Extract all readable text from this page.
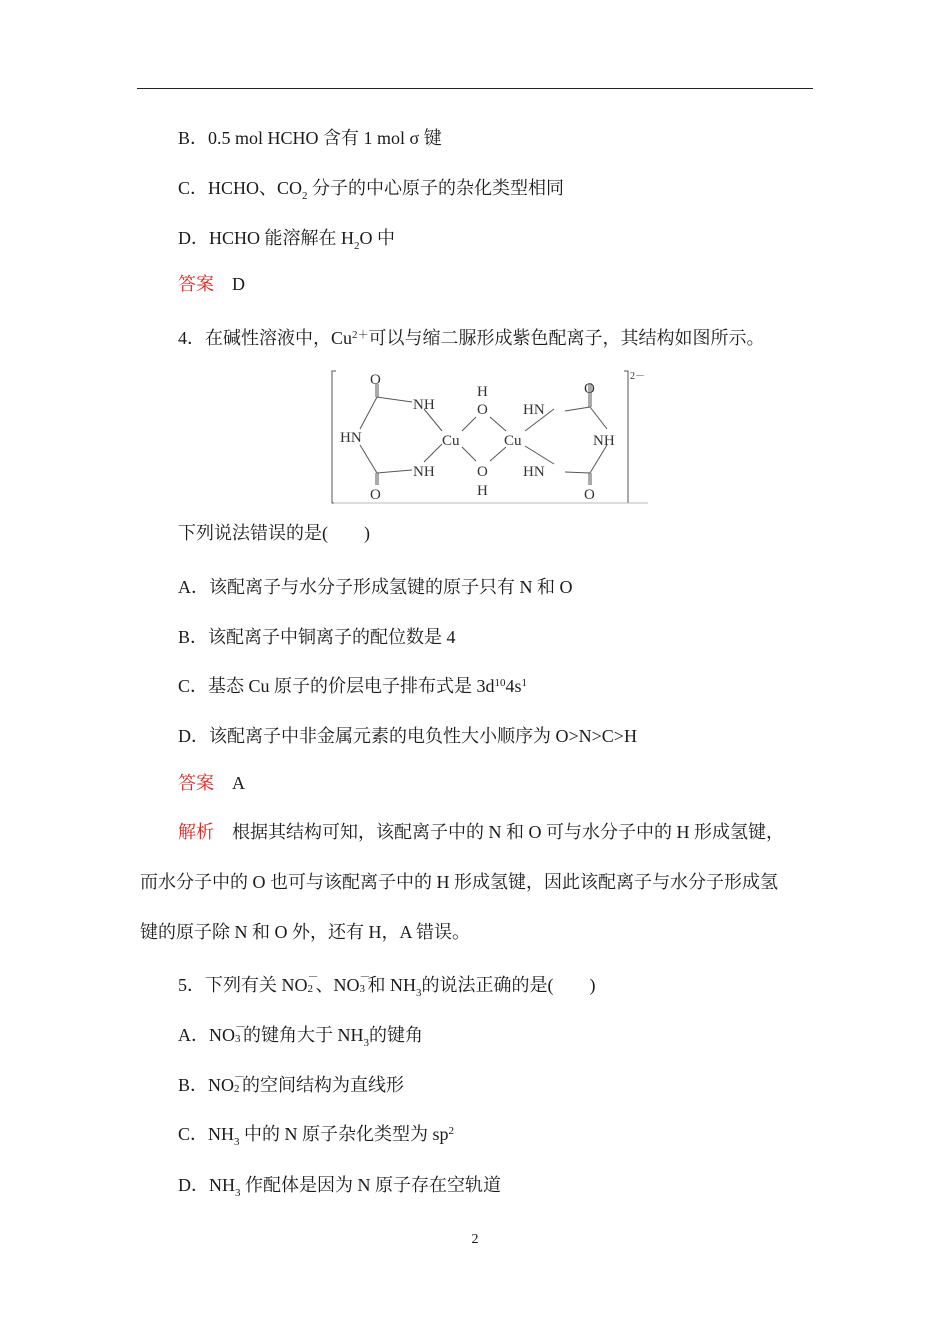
B．0.5 mol HCHO 含有 1 mol σ 键
C．HCHO、$CO_2$ 分子的中心原子的杂化类型相同
D．HCHO 能溶解在 $H_2O$ 中
答案 D
4．在碱性溶液中，$Cu^{2+}$可以与缩二脲形成紫色配离子，其结构如图所示。
2－
O
NH
HN
NH
O
H
O
Cu	Cu
O
H
O
HN
NH
HN
O
下列说法错误的是(　　)
A．该配离子与水分子形成氢键的原子只有 N 和 O
B．该配离子中铜离子的配位数是 4
C．基态 Cu 原子的价层电子排布式是 $3d^{10}4s^1$
D．该配离子中非金属元素的电负性大小顺序为 O>N>C>H
答案 A
解析 根据其结构可知，该配离子中的 N 和 O 可与水分子中的 H 形成氢键，
而水分子中的 O 也可与该配离子中的 H 形成氢键，因此该配离子与水分子形成氢
键的原子除 N 和 O 外，还有 H，A 错误。
5．下列有关 NO －
2 、NO －
3 和 $NH_3$的说法正确的是(　　)
A．NO －
3 的键角大于 $NH_3$的键角
B．NO －
2 的空间结构为直线形
C．$NH_3$ 中的 N 原子杂化类型为 $sp^2$
D．$NH_3$ 作配体是因为 N 原子存在空轨道
2
